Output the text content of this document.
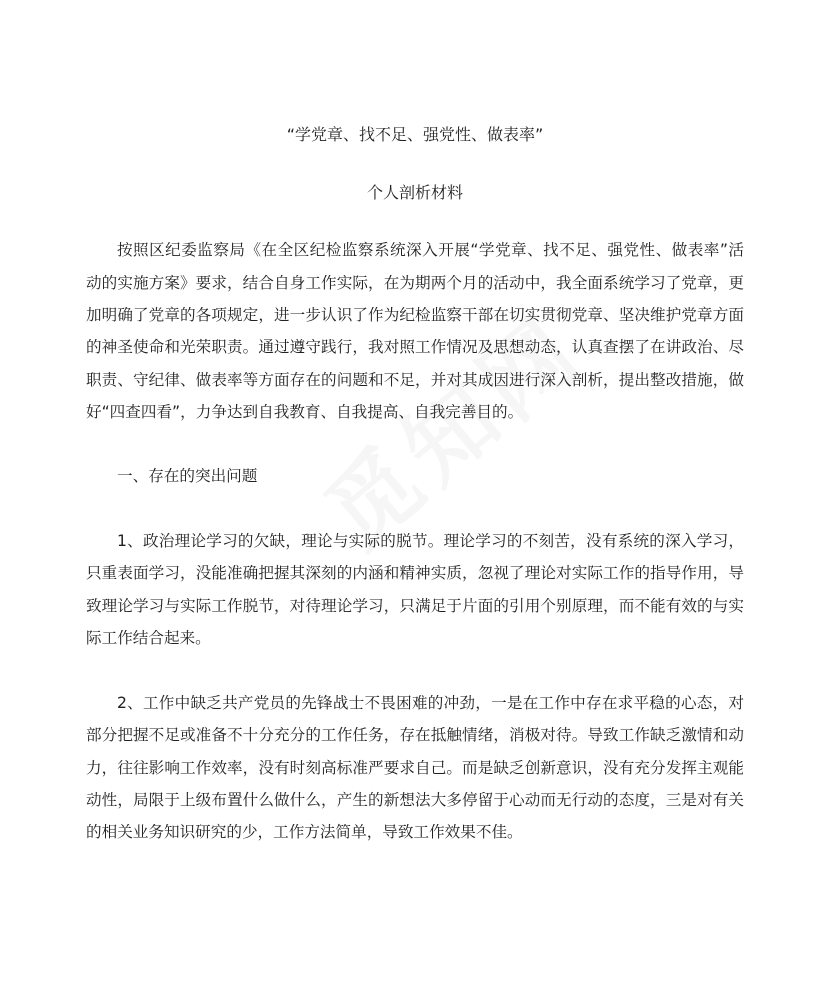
“学党章、找不足、强党性、做表率”
个人剖析材料
按照区纪委监察局《在全区纪检监察系统深入开展“学党章、找不足、强党性、做表率”活
动的实施方案》要求，结合自身工作实际，在为期两个月的活动中，我全面系统学习了党章，更
加明确了党章的各项规定，进一步认识了作为纪检监察干部在切实贯彻党章、坚决维护党章方面
的神圣使命和光荣职责。通过遵守践行，我对照工作情况及思想动态，认真查摆了在讲政治、尽
职责、守纪律、做表率等方面存在的问题和不足，并对其成因进行深入剖析，提出整改措施，做
好“四查四看”，力争达到自我教育、自我提高、自我完善目的。
一、存在的突出问题
1、政治理论学习的欠缺，理论与实际的脱节。理论学习的不刻苦，没有系统的深入学习，
只重表面学习，没能准确把握其深刻的内涵和精神实质，忽视了理论对实际工作的指导作用，导
致理论学习与实际工作脱节，对待理论学习，只满足于片面的引用个别原理，而不能有效的与实
际工作结合起来。
2、工作中缺乏共产党员的先锋战士不畏困难的冲劲，一是在工作中存在求平稳的心态，对
部分把握不足或准备不十分充分的工作任务，存在抵触情绪，消极对待。导致工作缺乏激情和动
力，往往影响工作效率，没有时刻高标准严要求自己。而是缺乏创新意识，没有充分发挥主观能
动性，局限于上级布置什么做什么，产生的新想法大多停留于心动而无行动的态度，三是对有关
的相关业务知识研究的少，工作方法简单，导致工作效果不佳。
